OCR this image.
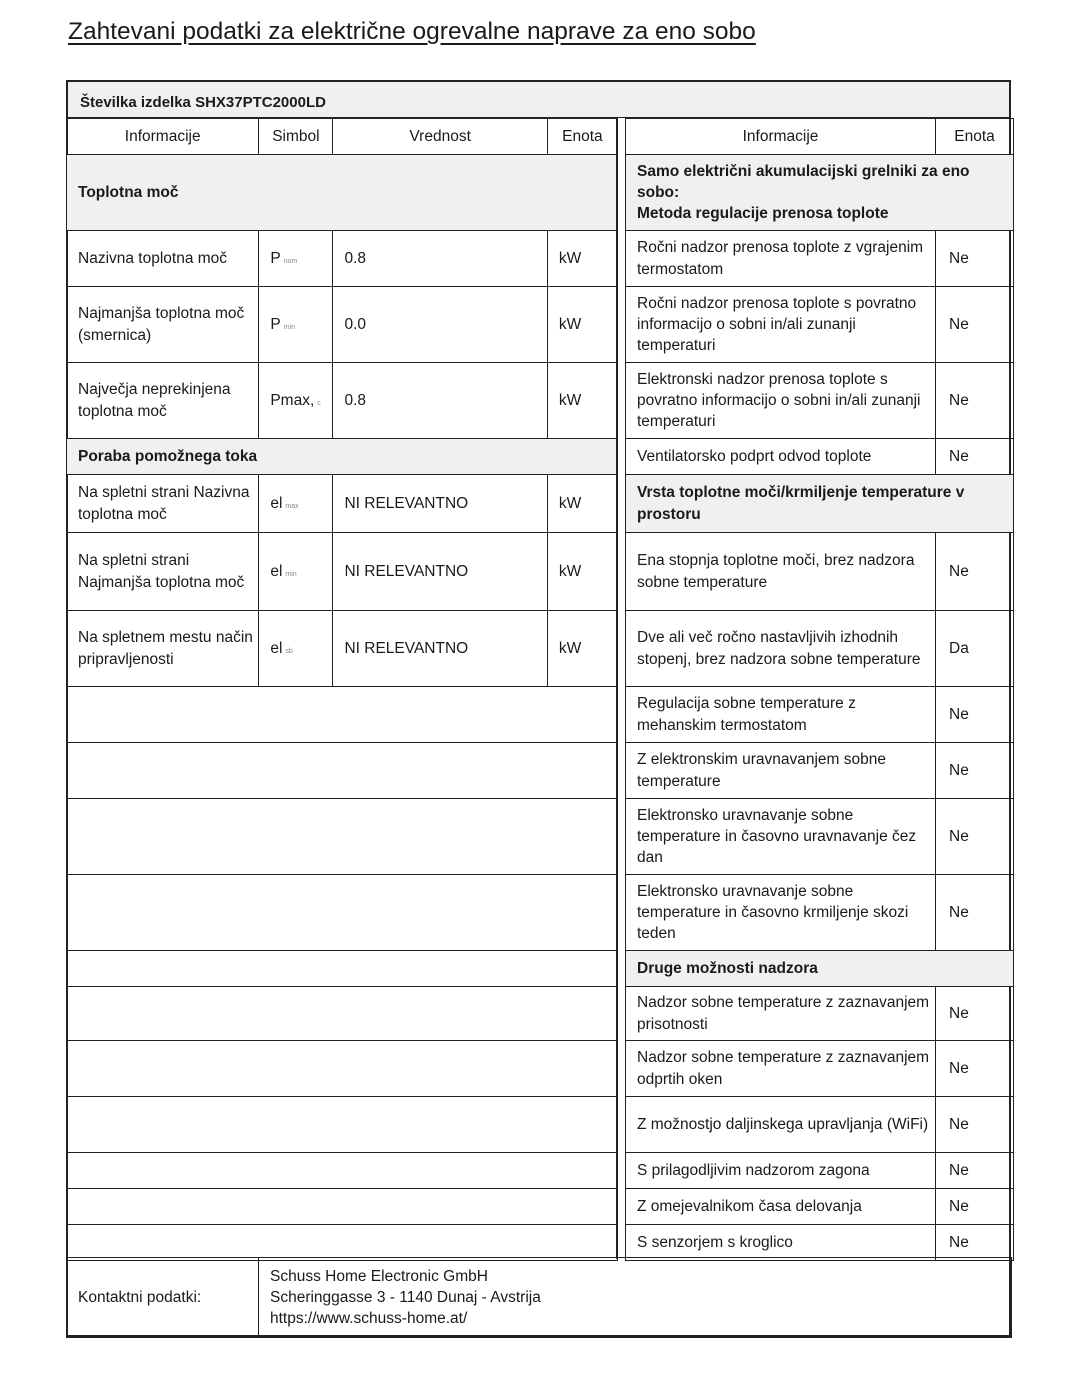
Zahtevani podatki za električne ogrevalne naprave za eno sobo
Številka izdelka SHX37PTC2000LD
Informacije	Simbol	Vrednost	Enota
Toplotna moč			
Nazivna toplotna moč	P nom	0.8	kW
Najmanjša toplotna moč (smernica)	P min	0.0	kW
Največja neprekinjena toplotna moč	Pmax, c	0.8	kW
Poraba pomožnega toka			
Na spletni strani Nazivna toplotna moč	el max	NI RELEVANTNO	kW
Na spletni strani Najmanjša toplotna moč	el min	NI RELEVANTNO	kW
Na spletnem mestu način pripravljenosti	el sb	NI RELEVANTNO	kW

Informacije	Enota

Samo električni akumulacijski grelniki za eno sobo:
Metoda regulacije prenosa toplote	

Ročni nadzor prenosa toplote z vgrajenim termostatom	Ne
Ročni nadzor prenosa toplote s povratno informacijo o sobni in/ali zunanji temperaturi	Ne
Elektronski nadzor prenosa toplote s povratno informacijo o sobni in/ali zunanji temperaturi	Ne
Ventilatorsko podprt odvod toplote	Ne
Vrsta toplotne moči/krmiljenje temperature v prostoru	
Ena stopnja toplotne moči, brez nadzora sobne temperature	Ne
Dve ali več ročno nastavljivih izhodnih stopenj, brez nadzora sobne temperature	Da
Regulacija sobne temperature z mehanskim termostatom	Ne
Z elektronskim uravnavanjem sobne temperature	Ne
Elektronsko uravnavanje sobne temperature in časovno uravnavanje čez dan	Ne
Elektronsko uravnavanje sobne temperature in časovno krmiljenje skozi teden	Ne
Druge možnosti nadzora	
Nadzor sobne temperature z zaznavanjem prisotnosti	Ne
Nadzor sobne temperature z zaznavanjem odprtih oken	Ne
Z možnostjo daljinskega upravljanja (WiFi)	Ne
S prilagodljivim nadzorom zagona	Ne
Z omejevalnikom časa delovanja	Ne
S senzorjem s kroglico	Ne
Kontaktni podatki:	
Schuss Home Electronic GmbH
Scheringgasse 3 - 1140 Dunaj - Avstrija
https://www.schuss-home.at/
